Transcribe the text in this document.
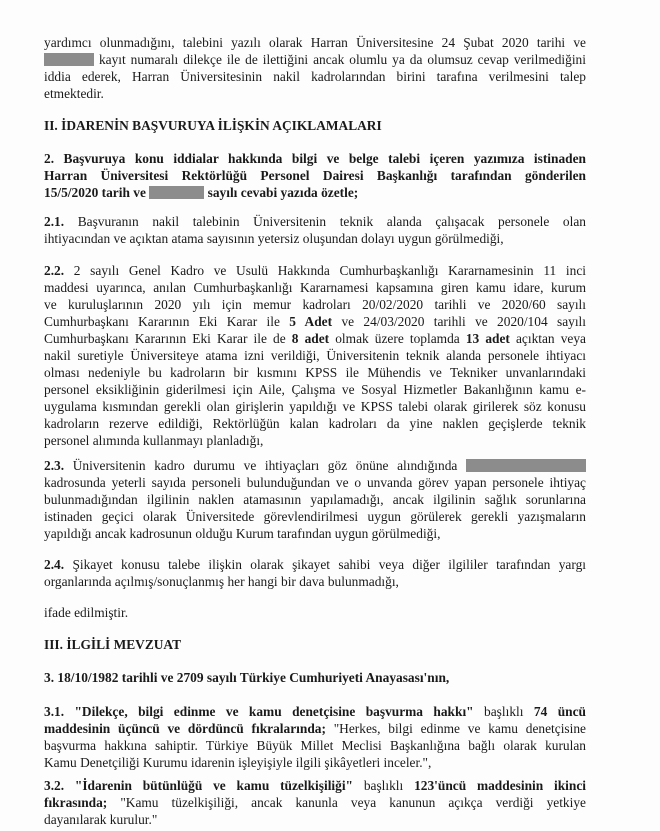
yardımcı olunmadığını, talebini yazılı olarak Harran Üniversitesine 24 Şubat 2020 tarihi ve
kayıt numaralı dilekçe ile de ilettiğini ancak olumlu ya da olumsuz cevap verilmediğini
iddia ederek, Harran Üniversitesinin nakil kadrolarından birini tarafına verilmesini talep
etmektedir.
II. İDARENİN BAŞVURUYA İLİŞKİN AÇIKLAMALARI
2. Başvuruya konu iddialar hakkında bilgi ve belge talebi içeren yazımıza istinaden
Harran Üniversitesi Rektörlüğü Personel Dairesi Başkanlığı tarafından gönderilen
15/5/2020 tarih ve	sayılı cevabi yazıda özetle;
2.1. Başvuranın nakil talebinin Üniversitenin teknik alanda çalışacak personele olan
ihtiyacından ve açıktan atama sayısının yetersiz oluşundan dolayı uygun görülmediği,
2.2. 2 sayılı Genel Kadro ve Usulü Hakkında Cumhurbaşkanlığı Kararnamesinin 11 inci
maddesi uyarınca, anılan Cumhurbaşkanlığı Kararnamesi kapsamına giren kamu idare, kurum
ve kuruluşlarının 2020 yılı için memur kadroları 20/02/2020 tarihli ve 2020/60 sayılı
Cumhurbaşkanı Kararının Eki Karar ile 5 Adet ve 24/03/2020 tarihli ve 2020/104 sayılı
Cumhurbaşkanı Kararının Eki Karar ile de 8 adet olmak üzere toplamda 13 adet açıktan veya
nakil suretiyle Üniversiteye atama izni verildiği, Üniversitenin teknik alanda personele ihtiyacı
olması nedeniyle bu kadroların bir kısmını KPSS ile Mühendis ve Tekniker unvanlarındaki
personel eksikliğinin giderilmesi için Aile, Çalışma ve Sosyal Hizmetler Bakanlığının kamu e-
uygulama kısmından gerekli olan girişlerin yapıldığı ve KPSS talebi olarak girilerek söz konusu
kadroların rezerve edildiği, Rektörlüğün kalan kadroları da yine naklen geçişlerde teknik
personel alımında kullanmayı planladığı,
2.3. Üniversitenin kadro durumu ve ihtiyaçları göz önüne alındığında
kadrosunda yeterli sayıda personeli bulunduğundan ve o unvanda görev yapan personele ihtiyaç
bulunmadığından ilgilinin naklen atamasının yapılamadığı, ancak ilgilinin sağlık sorunlarına
istinaden geçici olarak Üniversitede görevlendirilmesi uygun görülerek gerekli yazışmaların
yapıldığı ancak kadrosunun olduğu Kurum tarafından uygun görülmediği,
2.4. Şikayet konusu talebe ilişkin olarak şikayet sahibi veya diğer ilgililer tarafından yargı
organlarında açılmış/sonuçlanmış her hangi bir dava bulunmadığı,
ifade edilmiştir.
III. İLGİLİ MEVZUAT
3. 18/10/1982 tarihli ve 2709 sayılı Türkiye Cumhuriyeti Anayasası'nın,
3.1. "Dilekçe, bilgi edinme ve kamu denetçisine başvurma hakkı" başlıklı 74 üncü
maddesinin üçüncü ve dördüncü fıkralarında; "Herkes, bilgi edinme ve kamu denetçisine
başvurma hakkına sahiptir. Türkiye Büyük Millet Meclisi Başkanlığına bağlı olarak kurulan
Kamu Denetçiliği Kurumu idarenin işleyişiyle ilgili şikâyetleri inceler.",
3.2. "İdarenin bütünlüğü ve kamu tüzelkişiliği" başlıklı 123'üncü maddesinin ikinci
fıkrasında; "Kamu tüzelkişiliği, ancak kanunla veya kanunun açıkça verdiği yetkiye
dayanılarak kurulur."
